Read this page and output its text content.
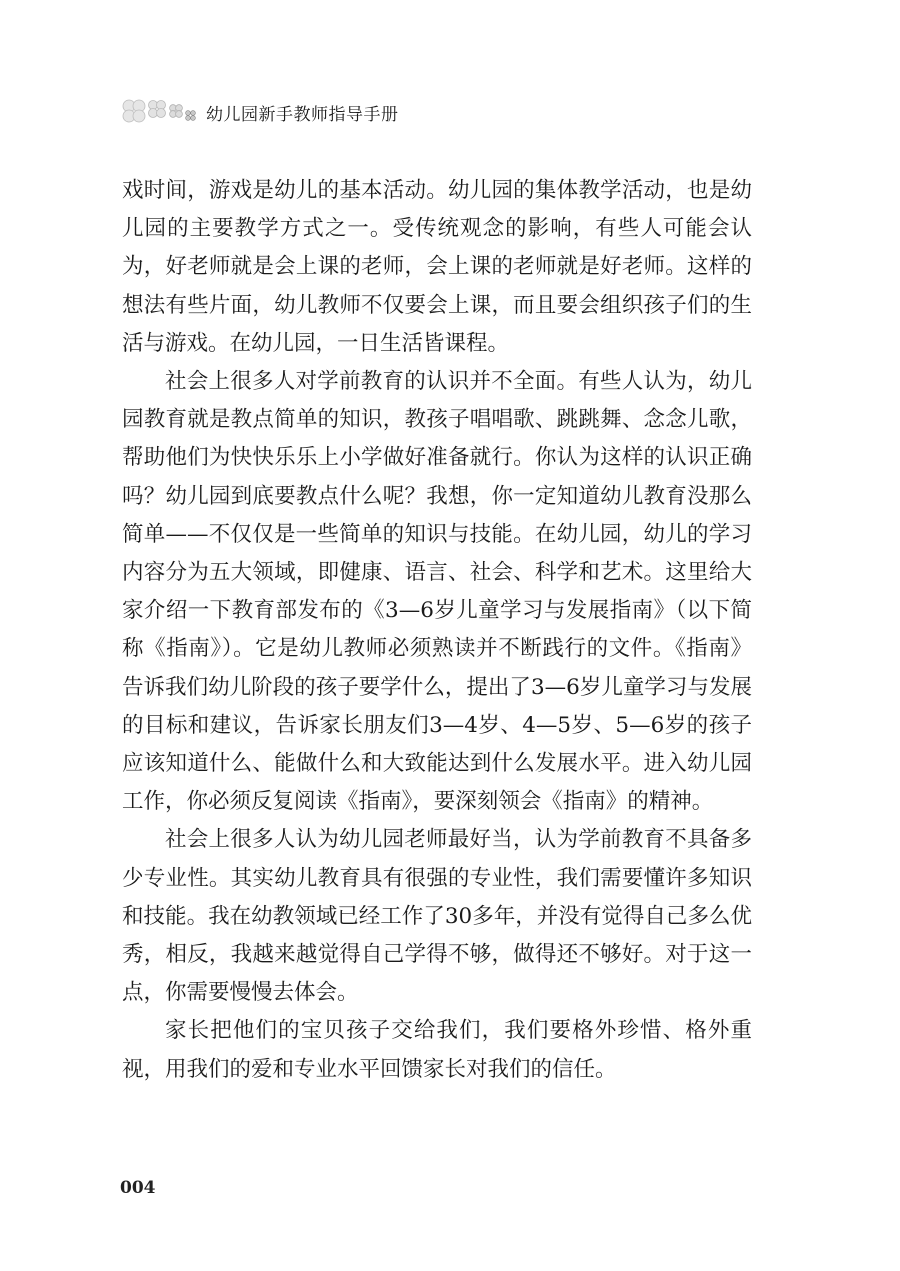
幼儿园新手教师指导手册

戏时间，游戏是幼儿的基本活动。幼儿园的集体教学活动，也是幼儿园的主要教学方式之一。受传统观念的影响，有些人可能会认为，好老师就是会上课的老师，会上课的老师就是好老师。这样的想法有些片面，幼儿教师不仅要会上课，而且要会组织孩子们的生活与游戏。在幼儿园，一日生活皆课程。

社会上很多人对学前教育的认识并不全面。有些人认为，幼儿园教育就是教点简单的知识，教孩子唱唱歌、跳跳舞、念念儿歌，帮助他们为快快乐乐上小学做好准备就行。你认为这样的认识正确吗？幼儿园到底要教点什么呢？我想，你一定知道幼儿教育没那么简单——不仅仅是一些简单的知识与技能。在幼儿园，幼儿的学习内容分为五大领域，即健康、语言、社会、科学和艺术。这里给大家介绍一下教育部发布的《3—6岁儿童学习与发展指南》（以下简称《指南》）。它是幼儿教师必须熟读并不断践行的文件。《指南》告诉我们幼儿阶段的孩子要学什么，提出了3—6岁儿童学习与发展的目标和建议，告诉家长朋友们3—4岁、4—5岁、5—6岁的孩子应该知道什么、能做什么和大致能达到什么发展水平。进入幼儿园工作，你必须反复阅读《指南》，要深刻领会《指南》的精神。

社会上很多人认为幼儿园老师最好当，认为学前教育不具备多少专业性。其实幼儿教育具有很强的专业性，我们需要懂许多知识和技能。我在幼教领域已经工作了30多年，并没有觉得自己多么优秀，相反，我越来越觉得自己学得不够，做得还不够好。对于这一点，你需要慢慢去体会。

家长把他们的宝贝孩子交给我们，我们要格外珍惜、格外重视，用我们的爱和专业水平回馈家长对我们的信任。

004
